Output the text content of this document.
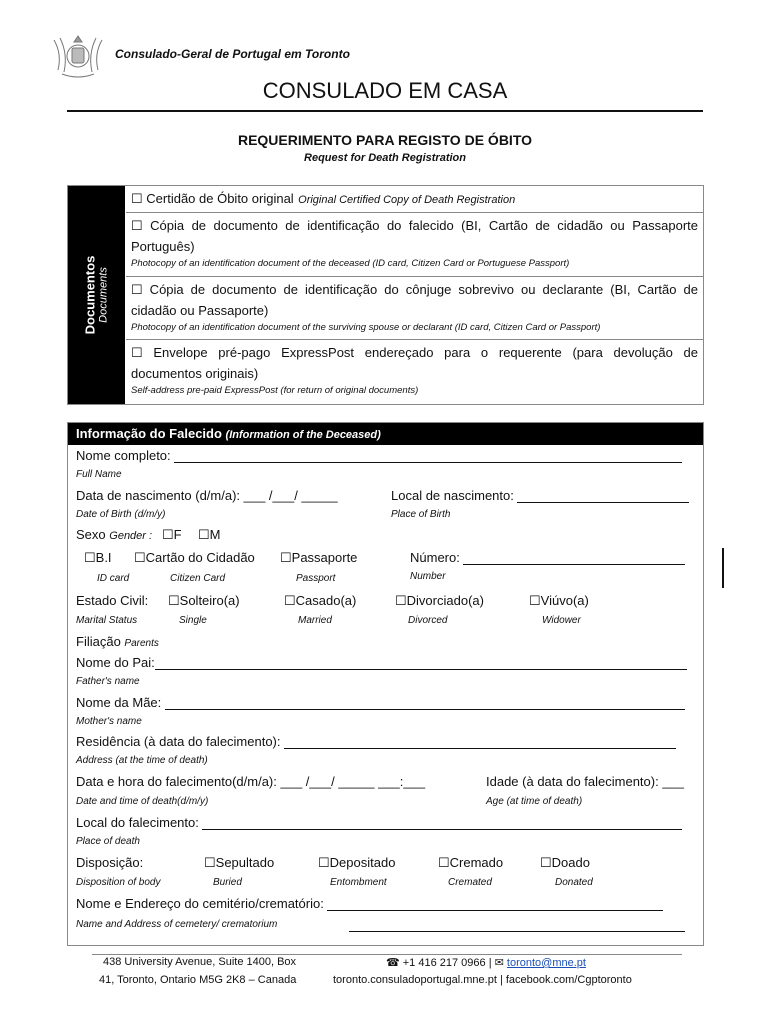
Consulado-Geral de Portugal em Toronto
CONSULADO EM CASA
REQUERIMENTO PARA REGISTO DE ÓBITO
Request for Death Registration
Documentos Documents
☐ Certidão de Óbito original Original Certified Copy of Death Registration
☐ Cópia de documento de identificação do falecido (BI, Cartão de cidadão ou Passaporte Português)
Photocopy of an identification document of the deceased (ID card, Citizen Card or Portuguese Passport)
☐ Cópia de documento de identificação do cônjuge sobrevivo ou declarante (BI, Cartão de cidadão ou Passaporte)
Photocopy of an identification document of the surviving spouse or declarant (ID card, Citizen Card or Passport)
☐ Envelope pré-pago ExpressPost endereçado para o requerente (para devolução de documentos originais)
Self-address pre-paid ExpressPost (for return of original documents)
Informação do Falecido (Information of the Deceased)
Nome completo:
Full Name
Data de nascimento (d/m/a): ___ /___/ _____
Date of Birth (d/m/y)
Local de nascimento:
Place of Birth
Sexo Gender : ☐F ☐M
☐B.I ☐Cartão do Cidadão ☐Passaporte	Número:
ID card	Citizen Card	Passport	Number
Estado Civil: ☐Solteiro(a)	☐Casado(a)	☐Divorciado(a)	☐Viúvo(a)
Marital Status	Single	Married	Divorced	Widower
Filiação Parents
Nome do Pai:
Father's name
Nome da Mãe:
Mother's name
Residência (à data do falecimento):
Address (at the time of death)
Data e hora do falecimento(d/m/a): ___ /___/ _____ ___:___
Date and time of death(d/m/y)
Idade (à data do falecimento): ___
Age (at time of death)
Local do falecimento:
Place of death
Disposição:	☐Sepultado	☐Depositado	☐Cremado	☐Doado
Disposition of body	Buried	Entombment	Cremated	Donated
Nome e Endereço do cemitério/crematório:
Name and Address of cemetery/ crematorium
438 University Avenue, Suite 1400, Box
41, Toronto, Ontario M5G 2K8 – Canada
☎ +1 416 217 0966 | ✉ toronto@mne.pt
toronto.consuladoportugal.mne.pt | facebook.com/Cgptoronto
